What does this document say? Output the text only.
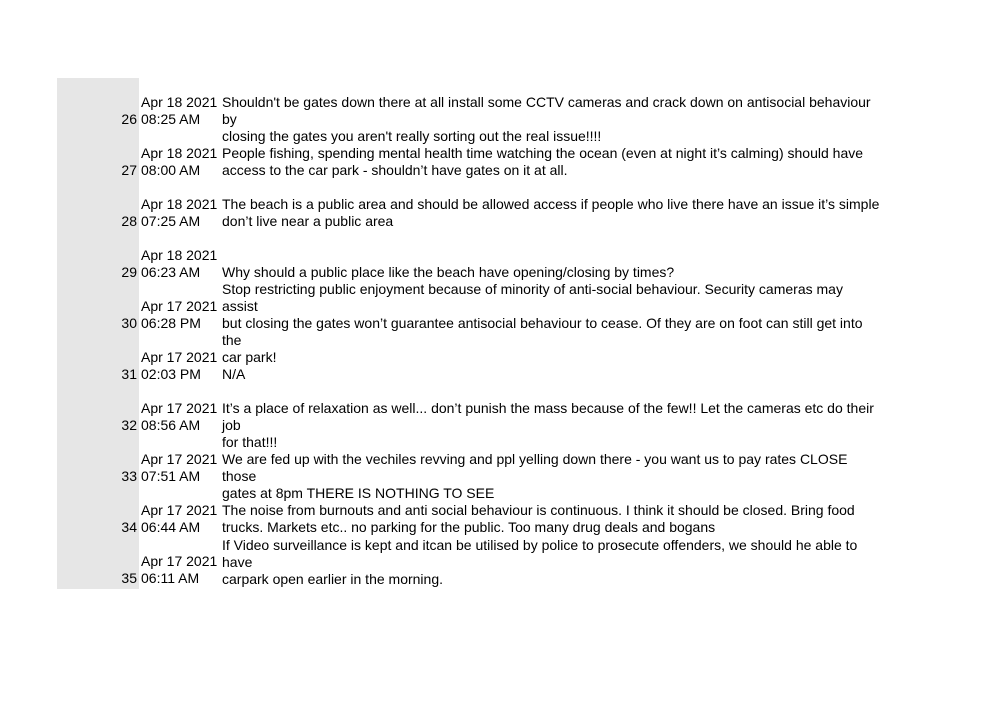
26
Apr 18 2021
08:25 AM
Shouldn't be gates down there at all install some CCTV cameras and crack down on antisocial behaviour by
closing the gates you aren't really sorting out the real issue!!!!
27
Apr 18 2021
08:00 AM
People fishing, spending mental health time watching the ocean (even at night it’s calming) should have
access to the car park - shouldn’t have gates on it at all.
28
Apr 18 2021
07:25 AM
The beach is a public area and should be allowed access if people who live there have an issue it’s simple
don’t live near a public area
29
Apr 18 2021
06:23 AM	Why should a public place like the beach have opening/closing by times?
30
Apr 17 2021
06:28 PM
Stop restricting public enjoyment because of minority of anti-social behaviour. Security cameras may assist
but closing the gates won’t guarantee antisocial behaviour to cease. Of they are on foot can still get into the
car park!
31
Apr 17 2021
02:03 PM	N/A
32
Apr 17 2021
08:56 AM
It’s a place of relaxation as well... don’t punish the mass because of the few!! Let the cameras etc do their job
for that!!!
33
Apr 17 2021
07:51 AM
We are fed up with the vechiles revving and ppl yelling down there - you want us to pay rates CLOSE those
gates at 8pm THERE IS NOTHING TO SEE
34
Apr 17 2021
06:44 AM
The noise from burnouts and anti social behaviour is continuous. I think it should be closed. Bring food
trucks. Markets etc.. no parking for the public. Too many drug deals and bogans
35
Apr 17 2021
06:11 AM
If Video surveillance is kept and itcan be utilised by police to prosecute offenders, we should he able to have
carpark open earlier in the morning.
